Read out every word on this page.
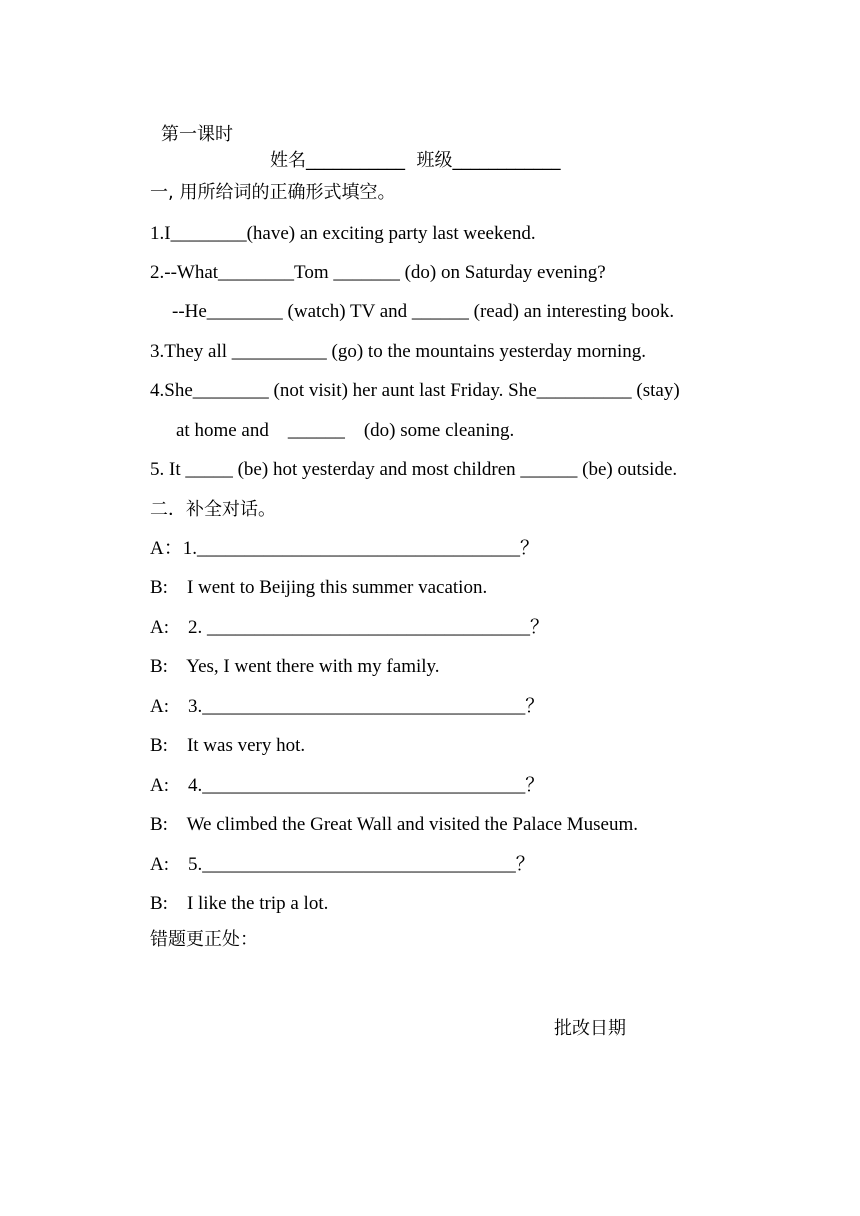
第一课时
姓名___________  班级____________
一, 用所给词的正确形式填空。
1.I________(have) an exciting party last weekend.
2.--What________Tom _______ (do) on Saturday evening?
--He________ (watch) TV and ______ (read) an interesting book.
3.They all __________ (go) to the mountains yesterday morning.
4.She________ (not visit) her aunt last Friday. She__________ (stay)
at home and    ______    (do) some cleaning.
5. It _____ (be) hot yesterday and most children ______ (be) outside.
二．补全对话。
A：1.__________________________________？
B:    I went to Beijing this summer vacation.
A:    2. __________________________________？
B:    Yes, I went there with my family.
A:    3.__________________________________？
B:    It was very hot.
A:    4.__________________________________？
B:    We climbed the Great Wall and visited the Palace Museum.
A:    5._________________________________？
B:    I like the trip a lot.
错题更正处：
批改日期
